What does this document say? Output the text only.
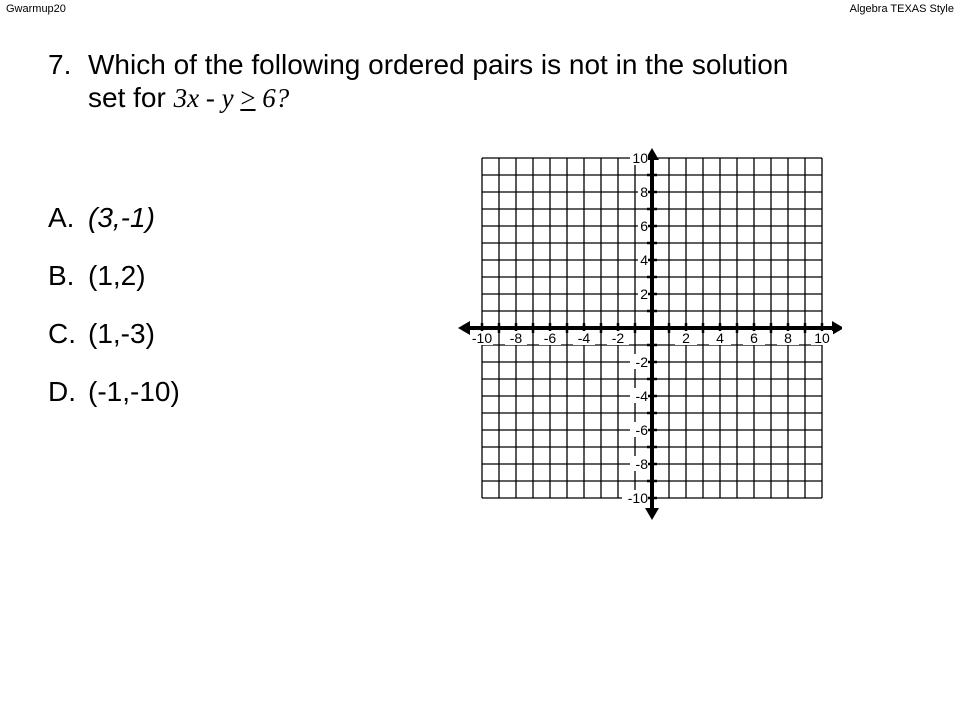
Gwarmup20	Algebra TEXAS Style
7. Which of the following ordered pairs is not in the solution set for 3x - y > 6?
A. (3,-1)
B. (1,2)
C. (1,-3)
D. (-1,-10)
-10 -8 -6 -4 -2	2 4 6 8 10
10
8
6
4
2
-2
-4
-6
-8
-10
